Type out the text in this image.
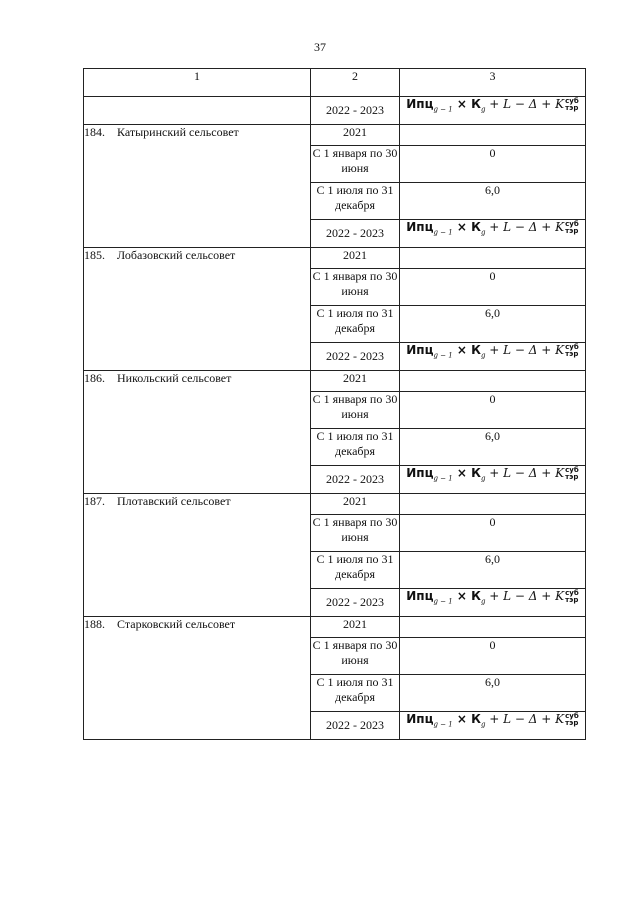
37
1	2	3
	2022 - 2023	$Ипц_{g - 1} \times К_g + L - \Delta$ + Kсуб
тэр
184. Катыринский сельсовет	2021	
	С 1 января по 30 июня	0
	С 1 июля по 31 декабря	6,0
	2022 - 2023	$Ипц_{g - 1} \times К_g + L - \Delta$ + Kсуб
тэр
185. Лобазовский сельсовет	2021	
	С 1 января по 30 июня	0
	С 1 июля по 31 декабря	6,0
	2022 - 2023	$Ипц_{g - 1} \times К_g + L - \Delta$ + Kсуб
тэр
186. Никольский сельсовет	2021	
	С 1 января по 30 июня	0
	С 1 июля по 31 декабря	6,0
	2022 - 2023	$Ипц_{g - 1} \times К_g + L - \Delta$ + Kсуб
тэр
187. Плотавский сельсовет	2021	
	С 1 января по 30 июня	0
	С 1 июля по 31 декабря	6,0
	2022 - 2023	$Ипц_{g - 1} \times К_g + L - \Delta$ + Kсуб
тэр
188. Старковский сельсовет	2021	
	С 1 января по 30 июня	0
	С 1 июля по 31 декабря	6,0
	2022 - 2023	$Ипц_{g - 1} \times К_g + L - \Delta$ + Kсуб
тэр
